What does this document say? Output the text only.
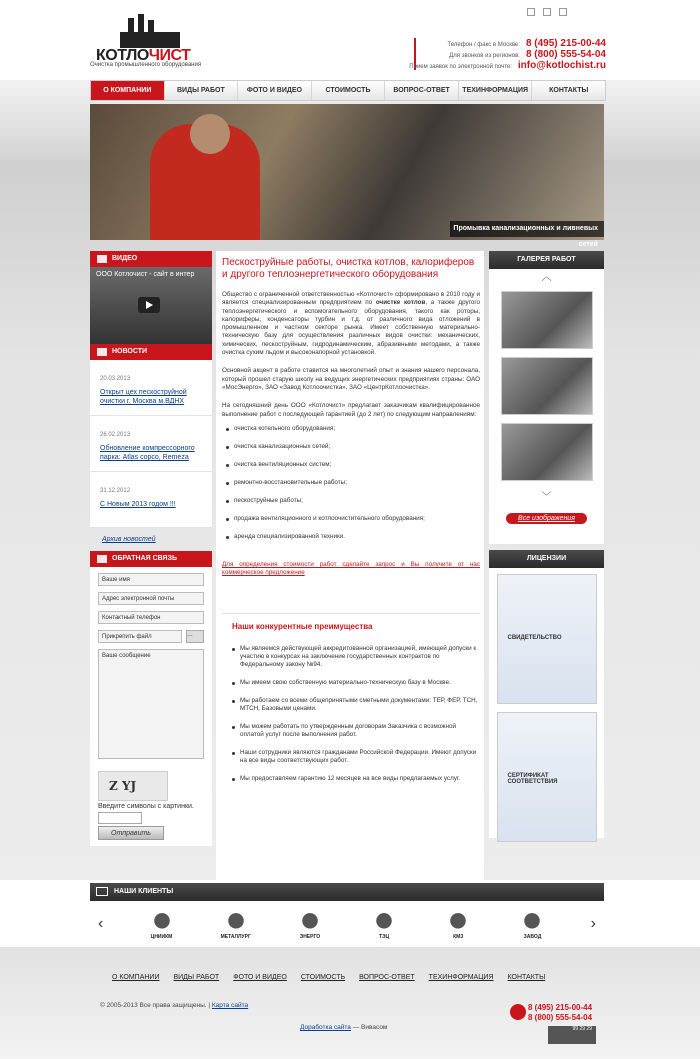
КОТЛОЧИСТ
Очистка промышленного оборудования
Телефон / факс в Москве: 8 (495) 215-00-44
Для звонков из регионов: 8 (800) 555-54-04
Прием заявок по электронной почте: info@kotlochist.ru
О КОМПАНИИ	ВИДЫ РАБОТ	ФОТО И ВИДЕО	СТОИМОСТЬ	ВОПРОС-ОТВЕТ	ТЕХИНФОРМАЦИЯ	КОНТАКТЫ
Промывка канализационных и ливневых сетей
ВИДЕО
ООО Котлочист - сайт в интер
НОВОСТИ
20.03.2013
Открыт цех пескоструйной очистки г. Москва м.ВДНХ
26.02.2013
Обновление компрессорного парка: Atlas copco, Remeza
31.12.2012
С Новым 2013 годом !!!
Архив новостей
ОБРАТНАЯ СВЯЗЬ
Ваше имя
Адрес электронной почты
Контактный телефон
Прикрепить файл	...
Ваше сообщение
Z YJ
Введите символы с картинки.
Отправить
Пескоструйные работы, очистка котлов, калориферов и другого теплоэнергетического оборудования

Общество с ограниченной ответственностью «Котлочист» сформировано в 2010 году и является специализированным предприятием по очистке котлов, а также другого теплоэнергетического и вспомогательного оборудования, такого как роторы, калориферы, конденсаторы турбин и т.д. от различного вида отложений в промышленном и частном секторе рынка. Имеет собственную материально-техническую базу для осуществления различных видов очистки: механических, химических, пескоструйным, гидродинамическим, абразивными методами, а также очистка сухим льдом и высоконапорной установкой.

Основной акцент в работе ставится на многолетний опыт и знания нашего персонала, который прошел старую школу на ведущих энергетических предприятиях страны: ОАО «МосЭнерго», ЗАО «Завод Котлоочистка», ЗАО «ЦентрКотлоочистка».

На сегодняшний день ООО «Котлочист» предлагает заказчикам квалифицированное выполнение работ с последующей гарантией (до 2 лет) по следующим направлениям:

очистка котельного оборудования;
очистка канализационных сетей;
очистка вентиляционных систем;
ремонтно-восстановительные работы;
пескоструйные работы;
продажа вентиляционного и котлоочистительного оборудования;
аренда специализированной техники.
Для определения стоимости работ сделайте запрос и Вы получите от нас коммерческое предложение
Наши конкурентные преимущества
Мы являемся действующей аккредитованной организацией, имеющей допуски к участию в конкурсах на заключение государственных контрактов по Федеральному закону №94.
Мы имеем свою собственную материально-техническую базу в Москве.
Мы работаем со всеми общепринятыми сметными документами: ТЕР, ФЕР, ТСН, МТСН, Базовыми ценами.
Мы можем работать по утвержденным договорам Заказчика с возможной оплатой услуг после выполнения работ.
Наши сотрудники являются гражданами Российской Федерации. Имеют допуски на все виды соответствующих работ.
Мы предоставляем гарантию 12 месяцев на все виды предлагаемых услуг.
ГАЛЕРЕЯ РАБОТ
︿
﹀
Все изображения
ЛИЦЕНЗИИ
СВИДЕТЕЛЬСТВО
СЕРТИФИКАТ СООТВЕТСТВИЯ
НАШИ КЛИЕНТЫ
‹
ЦНИИКМ	МЕТАЛЛУРГ	ЭНЕРГО	ТЭЦ	КМЗ	ЗАВОД
›
О КОМПАНИИ ВИДЫ РАБОТ ФОТО И ВИДЕО СТОИМОСТЬ ВОПРОС-ОТВЕТ ТЕХИНФОРМАЦИЯ КОНТАКТЫ
© 2005-2013 Все права защищены. | Карта сайта
Доработка сайта — Вивасом
8 (495) 215-00-44
8 (800) 555-54-04
99 29 29
